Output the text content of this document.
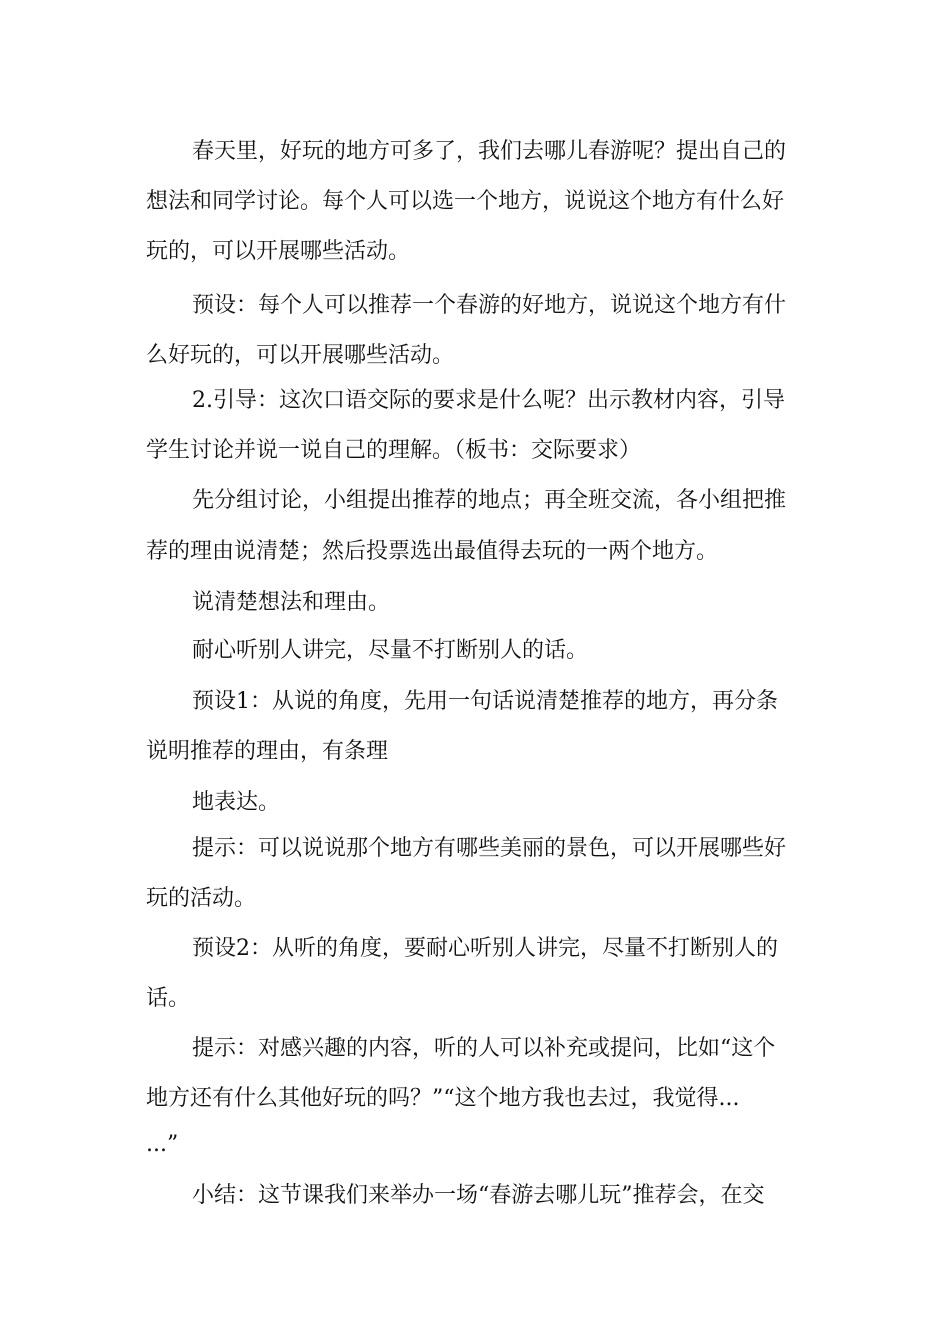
春天里，好玩的地方可多了，我们去哪儿春游呢？提出自己的
想法和同学讨论。每个人可以选一个地方，说说这个地方有什么好
玩的，可以开展哪些活动。
预设：每个人可以推荐一个春游的好地方，说说这个地方有什
么好玩的，可以开展哪些活动。
2.引导：这次口语交际的要求是什么呢？出示教材内容，引导
学生讨论并说一说自己的理解。（板书：交际要求）
先分组讨论，小组提出推荐的地点；再全班交流，各小组把推
荐的理由说清楚；然后投票选出最值得去玩的一两个地方。
说清楚想法和理由。
耐心听别人讲完，尽量不打断别人的话。
预设1：从说的角度，先用一句话说清楚推荐的地方，再分条
说明推荐的理由，有条理
地表达。
提示：可以说说那个地方有哪些美丽的景色，可以开展哪些好
玩的活动。
预设2：从听的角度，要耐心听别人讲完，尽量不打断别人的
话。
提示：对感兴趣的内容，听的人可以补充或提问，比如“这个
地方还有什么其他好玩的吗？”“这个地方我也去过，我觉得...
...”
小结：这节课我们来举办一场“春游去哪儿玩”推荐会，在交
